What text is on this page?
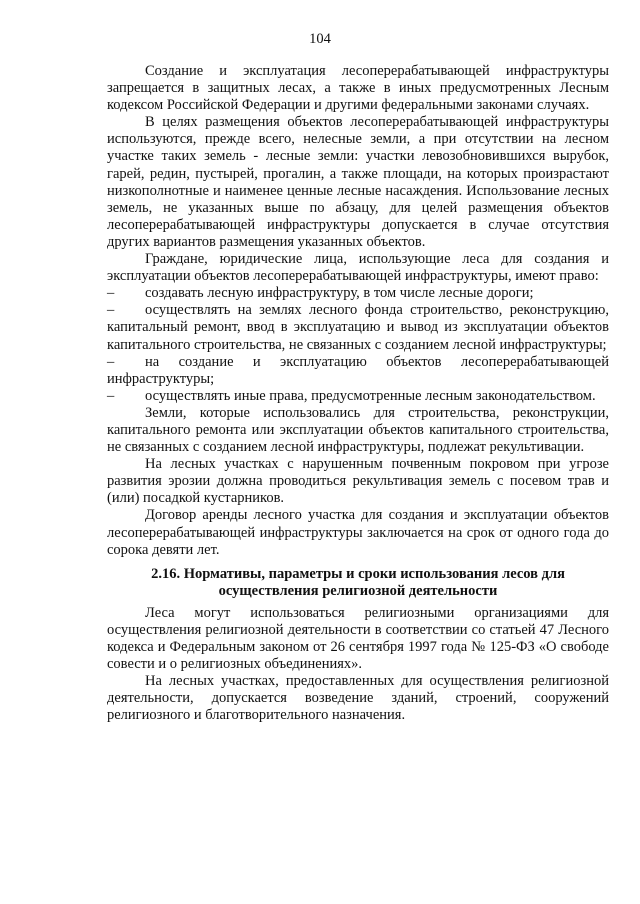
104

Создание и эксплуатация лесоперерабатывающей инфраструктуры запрещается в защитных лесах, а также в иных предусмотренных Лесным кодексом Российской Федерации и другими федеральными законами случаях.

В целях размещения объектов лесоперерабатывающей инфраструктуры используются, прежде всего, нелесные земли, а при отсутствии на лесном участке таких земель - лесные земли: участки левозобновившихся вырубок, гарей, редин, пустырей, прогалин, а также площади, на которых произрастают низкополнотные и наименее ценные лесные насаждения. Использование лесных земель, не указанных выше по абзацу, для целей размещения объектов лесоперерабатывающей инфраструктуры допускается в случае отсутствия других вариантов размещения указанных объектов.

Граждане, юридические лица, использующие леса для создания и эксплуатации объектов лесоперерабатывающей инфраструктуры, имеют право:

–	создавать лесную инфраструктуру, в том числе лесные дороги;

–	осуществлять на землях лесного фонда строительство, реконструкцию, капитальный ремонт, ввод в эксплуатацию и вывод из эксплуатации объектов капитального строительства, не связанных с созданием лесной инфраструктуры;

–	на создание и эксплуатацию объектов лесоперерабатывающей инфраструктуры;

–	осуществлять иные права, предусмотренные лесным законодательством.

Земли, которые использовались для строительства, реконструкции, капитального ремонта или эксплуатации объектов капитального строительства, не связанных с созданием лесной инфраструктуры, подлежат рекультивации.

На лесных участках с нарушенным почвенным покровом при угрозе развития эрозии должна проводиться рекультивация земель с посевом трав и (или) посадкой кустарников.

Договор аренды лесного участка для создания и эксплуатации объектов лесоперерабатывающей инфраструктуры заключается на срок от одного года до сорока девяти лет.

2.16. Нормативы, параметры и сроки использования лесов для
осуществления религиозной деятельности

Леса могут использоваться религиозными организациями для осуществления религиозной деятельности в соответствии со статьей 47 Лесного кодекса и Федеральным законом от 26 сентября 1997 года № 125-ФЗ «О свободе совести и о религиозных объединениях».

На лесных участках, предоставленных для осуществления религиозной деятельности, допускается возведение зданий, строений, сооружений религиозного и благотворительного назначения.
